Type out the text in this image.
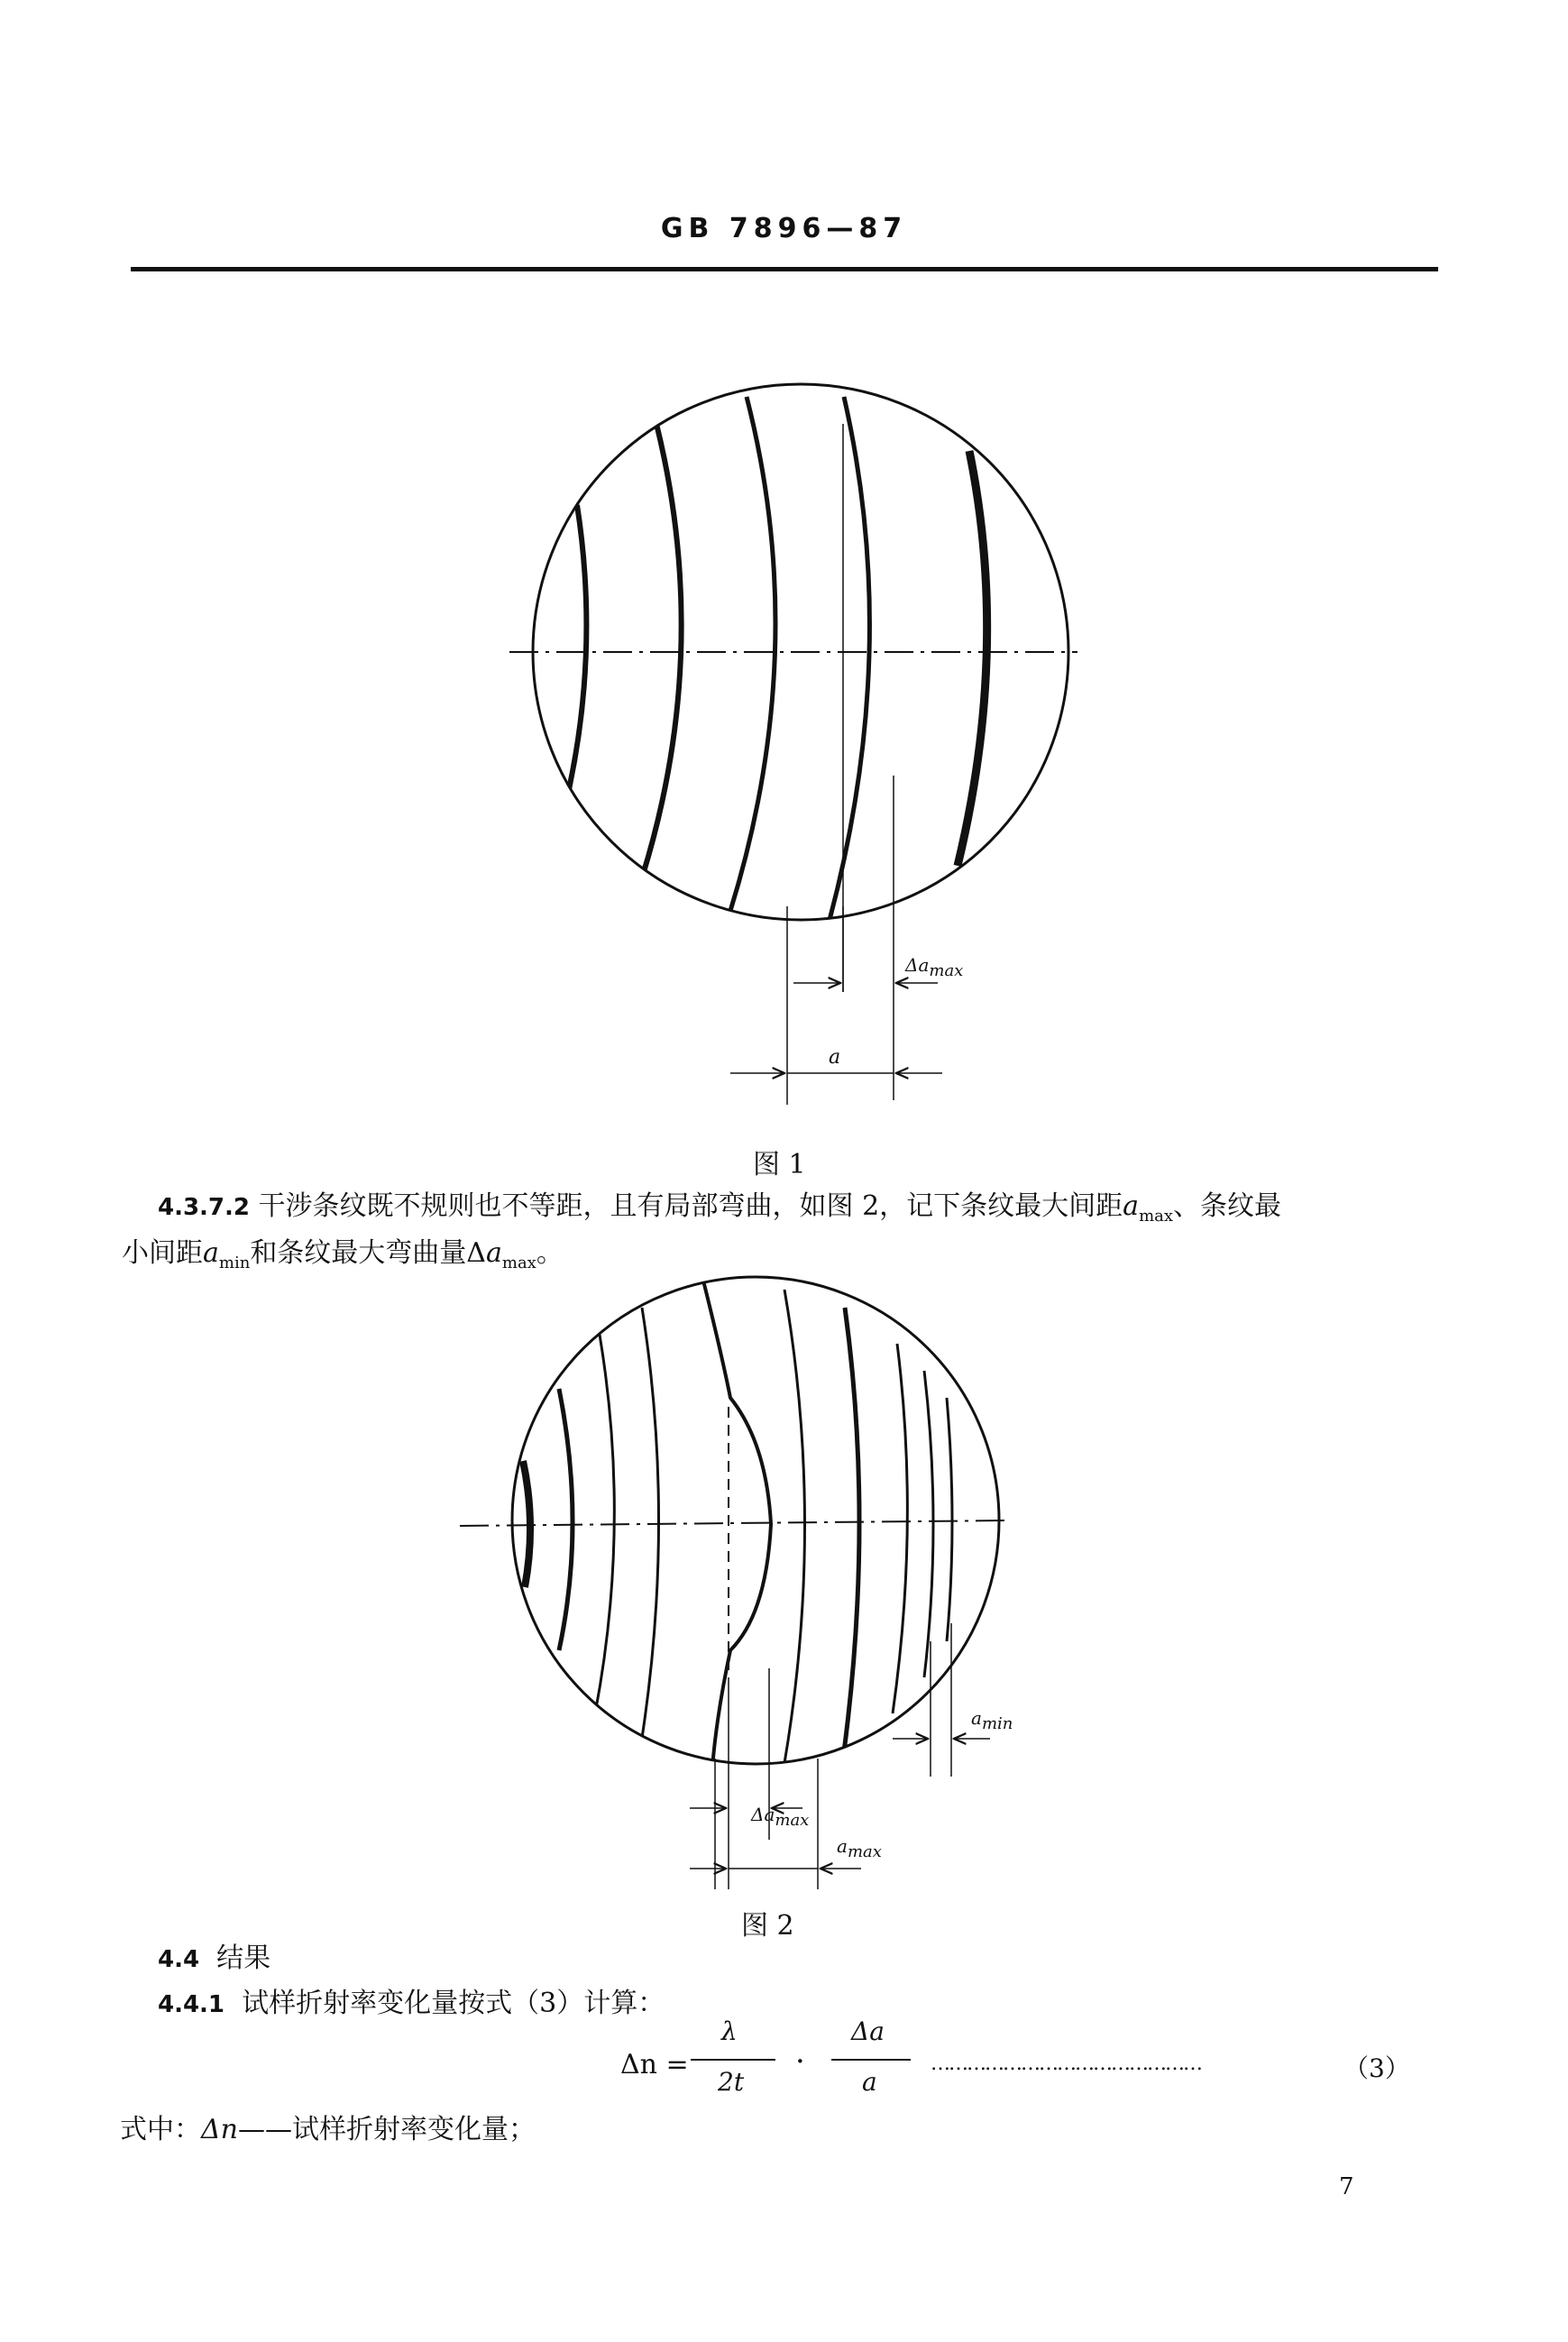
GB 7896—87
$\Delta a_{max}$
a
图 1
4.3.7.2 干涉条纹既不规则也不等距，且有局部弯曲，如图 2，记下条纹最大间距$a_{max}$、条纹最
小间距$a_{min}$和条纹最大弯曲量$\Delta a_{max}$。
$a_{min}$
$\Delta a_{max}$
$a_{max}$
图 2
4.4 结果
4.4.1 试样折射率变化量按式（3）计算：
Δn =
λ
2t
·
Δa
a
………………………………………	（3）
式中：Δn——试样折射率变化量；
7
